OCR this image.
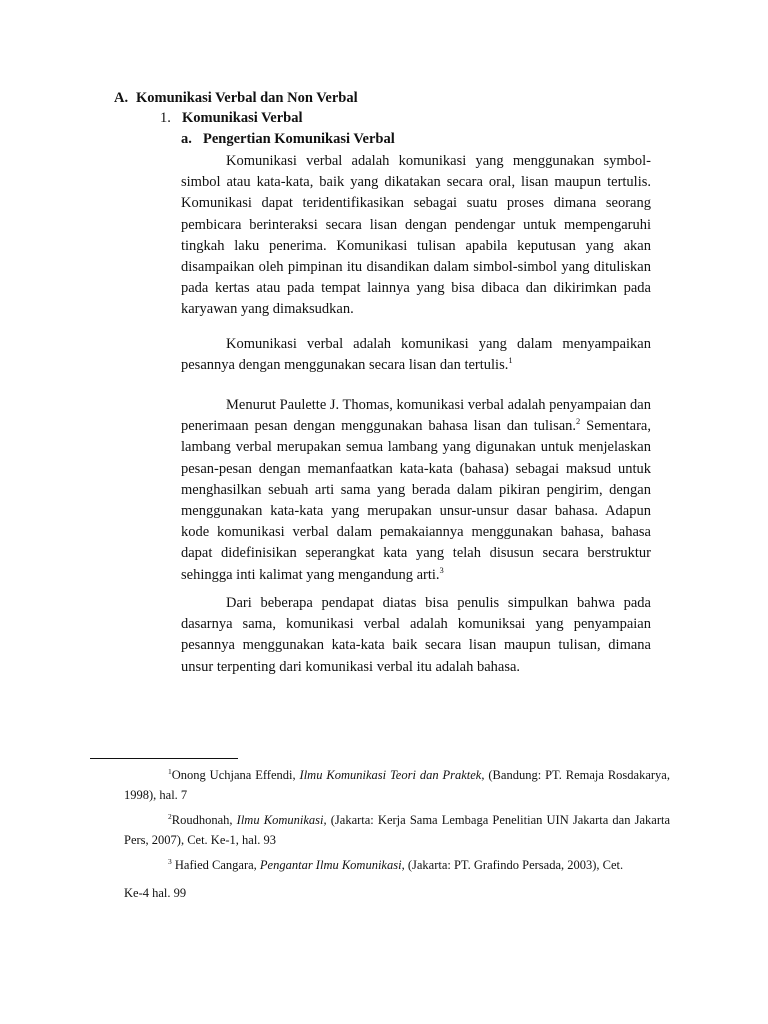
A. Komunikasi Verbal dan Non Verbal
1. Komunikasi Verbal
a. Pengertian Komunikasi Verbal

Komunikasi verbal adalah komunikasi yang menggunakan symbol-simbol atau kata-kata, baik yang dikatakan secara oral, lisan maupun tertulis. Komunikasi dapat teridentifikasikan sebagai suatu proses dimana seorang pembicara berinteraksi secara lisan dengan pendengar untuk mempengaruhi tingkah laku penerima. Komunikasi tulisan apabila keputusan yang akan disampaikan oleh pimpinan itu disandikan dalam simbol-simbol yang dituliskan pada kertas atau pada tempat lainnya yang bisa dibaca dan dikirimkan pada karyawan yang dimaksudkan.

Komunikasi verbal adalah komunikasi yang dalam menyampaikan pesannya dengan menggunakan secara lisan dan tertulis.$^1$

Menurut Paulette J. Thomas, komunikasi verbal adalah penyampaian dan penerimaan pesan dengan menggunakan bahasa lisan dan tulisan.$^2$ Sementara, lambang verbal merupakan semua lambang yang digunakan untuk menjelaskan pesan-pesan dengan memanfaatkan kata-kata (bahasa) sebagai maksud untuk menghasilkan sebuah arti sama yang berada dalam pikiran pengirim, dengan menggunakan kata-kata yang merupakan unsur-unsur dasar bahasa. Adapun kode komunikasi verbal dalam pemakaiannya menggunakan bahasa, bahasa dapat didefinisikan seperangkat kata yang telah disusun secara berstruktur sehingga inti kalimat yang mengandung arti.$^3$

Dari beberapa pendapat diatas bisa penulis simpulkan bahwa pada dasarnya sama, komunikasi verbal adalah komuniksai yang penyampaian pesannya menggunakan kata-kata baik secara lisan maupun tulisan, dimana unsur terpenting dari komunikasi verbal itu adalah bahasa.

$^1$Onong Uchjana Effendi, Ilmu Komunikasi Teori dan Praktek, (Bandung: PT. Remaja Rosdakarya, 1998), hal. 7

$^2$Roudhonah, Ilmu Komunikasi, (Jakarta: Kerja Sama Lembaga Penelitian UIN Jakarta dan Jakarta Pers, 2007), Cet. Ke-1, hal. 93

$^3$ Hafied Cangara, Pengantar Ilmu Komunikasi, (Jakarta: PT. Grafindo Persada, 2003), Cet.

Ke-4 hal. 99
